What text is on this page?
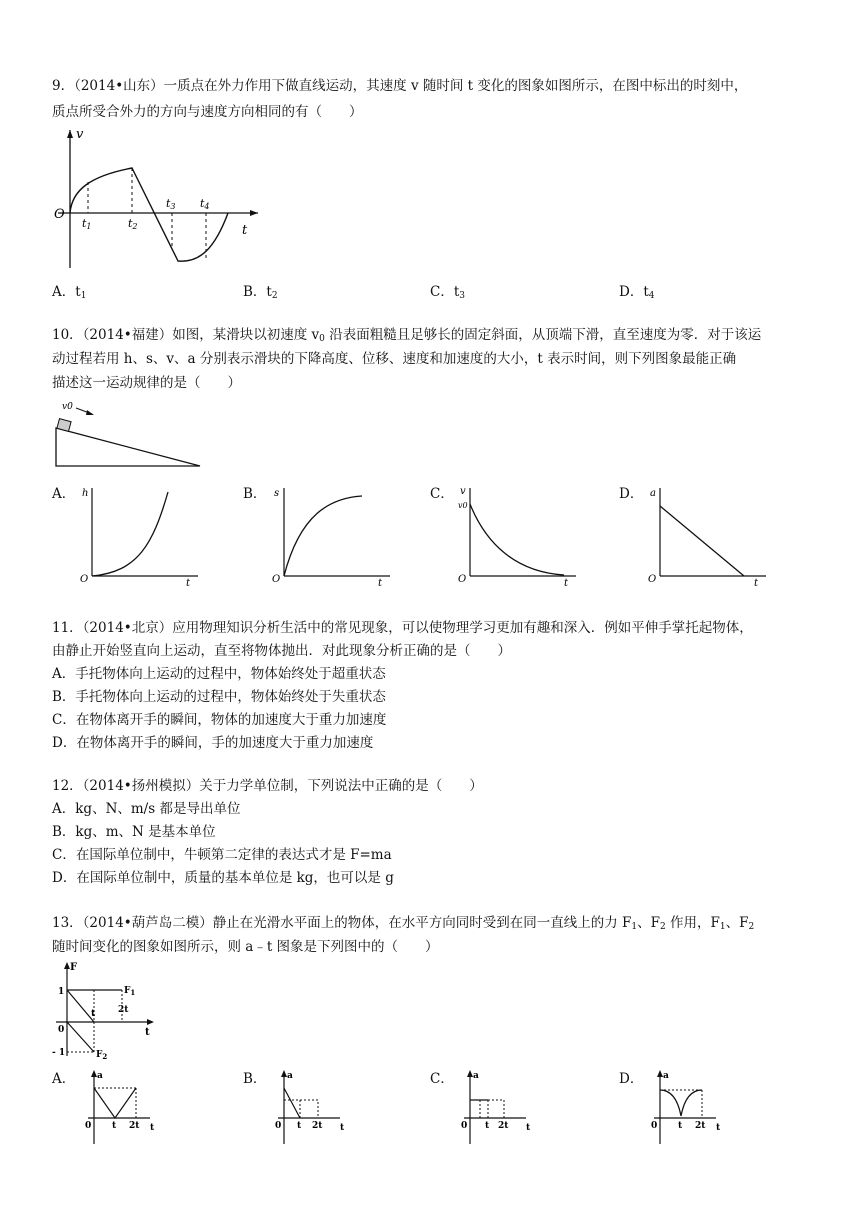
9．（2014•山东）一质点在外力作用下做直线运动，其速度 v 随时间 t 变化的图象如图所示，在图中标出的时刻中，
质点所受合外力的方向与速度方向相同的有（　　）
v
O
t
t1	t2
t3 t4
A．$t_1$	B．$t_2$	C．$t_3$	D．$t_4$
10．（2014•福建）如图，某滑块以初速度 $v_0$ 沿表面粗糙且足够长的固定斜面，从顶端下滑，直至速度为零．对于该运
动过程若用 h、s、v、a 分别表示滑块的下降高度、位移、速度和加速度的大小，t 表示时间，则下列图象最能正确
描述这一运动规律的是（　　）
v0
A． h
O	t
B． s
O	t
C． v
v0
O	t
D． a
O	t
11．（2014•北京）应用物理知识分析生活中的常见现象，可以使物理学习更加有趣和深入．例如平伸手掌托起物体，
由静止开始竖直向上运动，直至将物体抛出．对此现象分析正确的是（　　）
A．手托物体向上运动的过程中，物体始终处于超重状态
B．手托物体向上运动的过程中，物体始终处于失重状态
C．在物体离开手的瞬间，物体的加速度大于重力加速度
D．在物体离开手的瞬间，手的加速度大于重力加速度
12．（2014•扬州模拟）关于力学单位制，下列说法中正确的是（　　）
A．kg、N、m/s 都是导出单位
B．kg、m、N 是基本单位
C．在国际单位制中，牛顿第二定律的表达式才是 F=ma
D．在国际单位制中，质量的基本单位是 kg，也可以是 g
13．（2014•葫芦岛二模）静止在光滑水平面上的物体，在水平方向同时受到在同一直线上的力 $F_1$、$F_2$ 作用，$F_1$、$F_2$
随时间变化的图象如图所示，则 a﹣t 图象是下列图中的（　　）
F
1
- 1
0
t	2t
t
$F_1$
$F_2$
A． a
0 t 2t t
B． a
0 t 2t t
C． a
0 t 2t t
D． a
0 t 2t t
